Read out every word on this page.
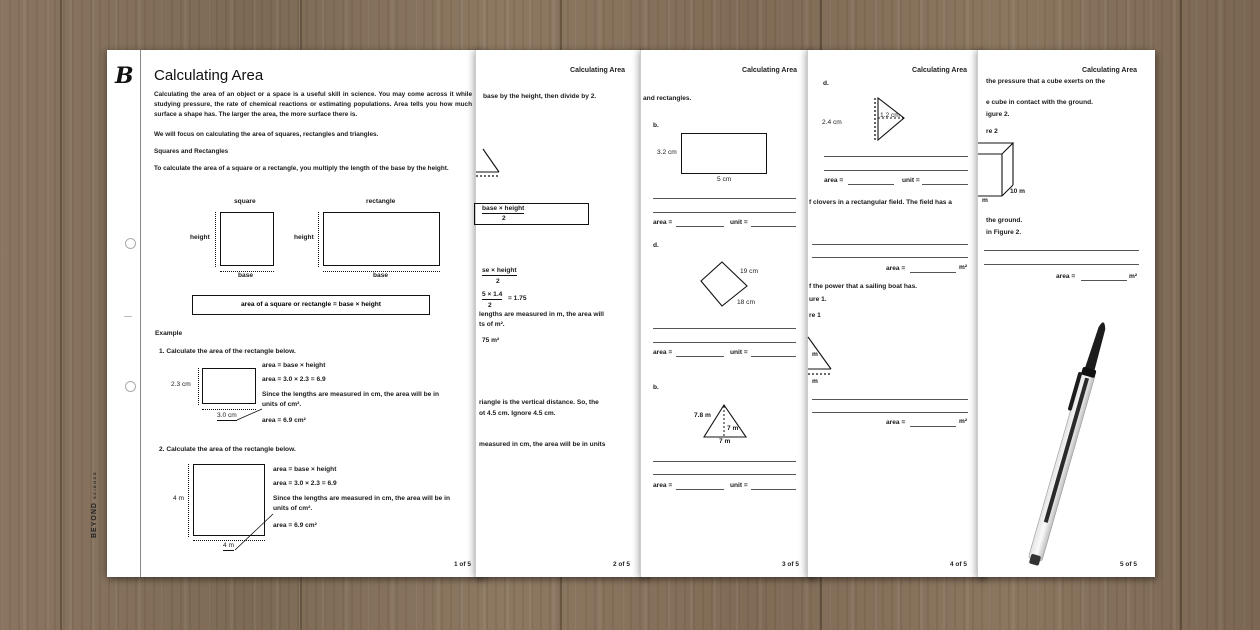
Calculating Area
the pressure that a cube exerts on the
e cube in contact with the ground.
igure 2.
re 2
10 m
m
the ground.
in Figure 2.
area =	m²
5 of 5
Calculating Area
d.
2.4 cm
1.2 cm
area =	unit =
f clovers in a rectangular field. The field has a
area =	m²
f the power that a sailing boat has.
ure 1.
re 1
m
m
area =	m²
4 of 5
Calculating Area
and rectangles.
b.
3.2 cm
5 cm
area =	unit =
d.
19 cm
18 cm
area =	unit =
b.
7.8 m
7 m
7 m
area =	unit =
3 of 5
Calculating Area
base by the height, then divide by 2.
base × height
2
se × height
2
5 × 1.4
2
= 1.75
lengths are measured in m, the area will
ts of m².
75 m²
riangle is the vertical distance. So, the
ot 4.5 cm. Ignore 4.5 cm.
measured in cm, the area will be in units
2 of 5
B
BEYONDSCIENCE
Calculating Area
Calculating the area of an object or a space is a useful skill in science. You may come across it while studying pressure, the rate of chemical reactions or estimating populations. Area tells you how much surface a shape has. The larger the area, the more surface there is.
We will focus on calculating the area of squares, rectangles and triangles.
Squares and Rectangles
To calculate the area of a square or a rectangle, you multiply the length of the base by the height.
square	rectangle
height
base
height
base
area of a square or rectangle = base × height
Example
1. Calculate the area of the rectangle below.
2.3 cm
3.0 cm
area = base × height
area = 3.0 × 2.3 = 6.9
Since the lengths are measured in cm, the area will be in
units of cm².
area = 6.9 cm²
2. Calculate the area of the rectangle below.
4 m
4 m
area = base × height
area = 3.0 × 2.3 = 6.9
Since the lengths are measured in cm, the area will be in
units of cm².
area = 6.9 cm²
1 of 5
